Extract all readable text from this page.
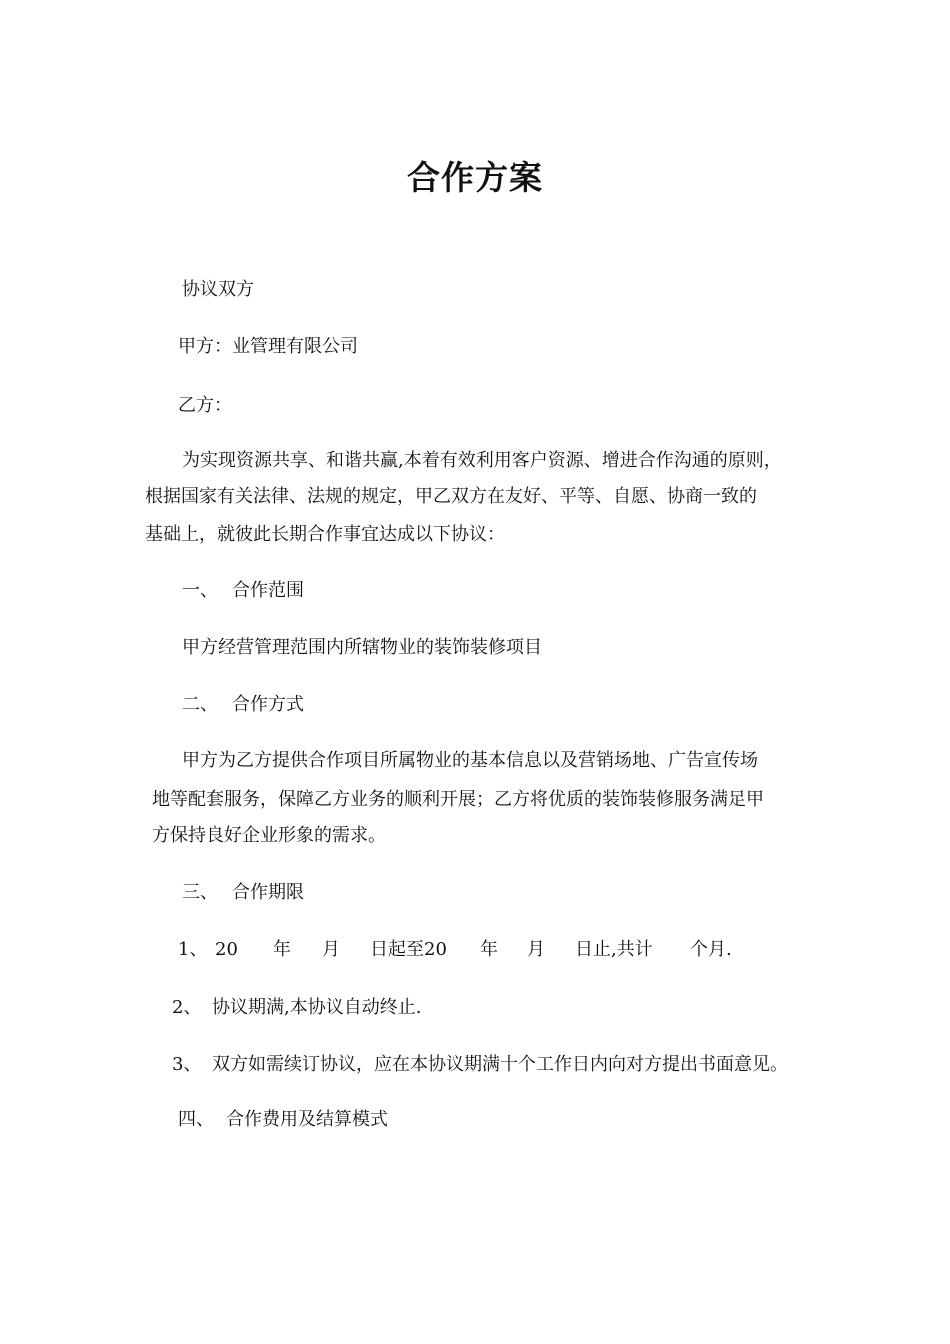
合作方案
协议双方
甲方：业管理有限公司
乙方：
为实现资源共享、和谐共赢,本着有效利用客户资源、增进合作沟通的原则，
根据国家有关法律、法规的规定，甲乙双方在友好、平等、自愿、协商一致的
基础上，就彼此长期合作事宜达成以下协议：
一、 合作范围
甲方经营管理范围内所辖物业的装饰装修项目
二、 合作方式
甲方为乙方提供合作项目所属物业的基本信息以及营销场地、广告宣传场
地等配套服务，保障乙方业务的顺利开展；乙方将优质的装饰装修服务满足甲
方保持良好企业形象的需求。
三、 合作期限
1、 20 年 月 日起至20 年 月 日止,共计 个月.
2、 协议期满,本协议自动终止.
3、 双方如需续订协议，应在本协议期满十个工作日内向对方提出书面意见。
四、 合作费用及结算模式
